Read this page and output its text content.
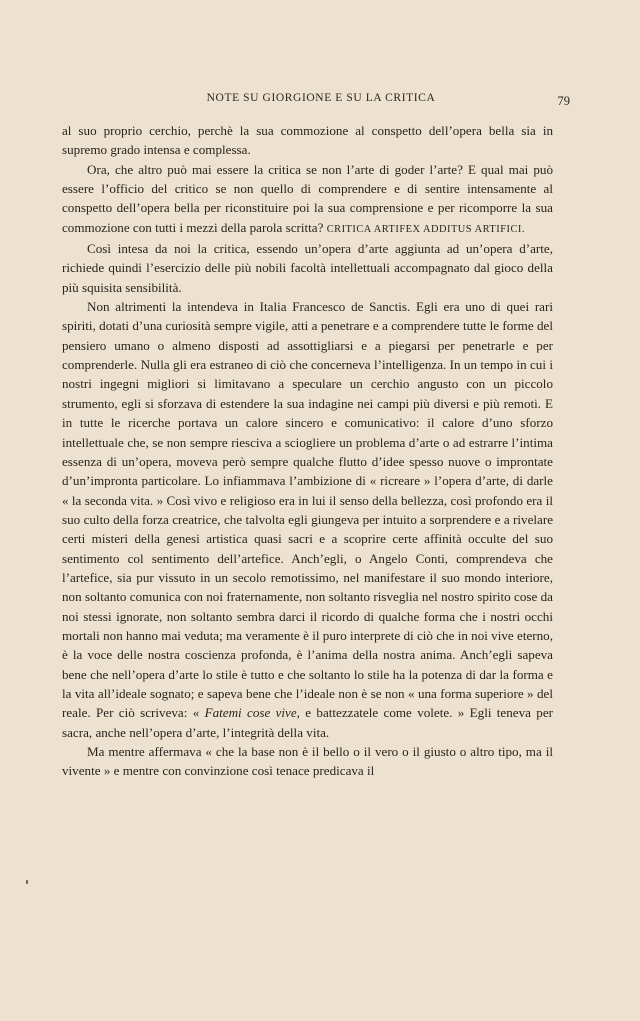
NOTE SU GIORGIONE E SU LA CRITICA	79

al suo proprio cerchio, perchè la sua commozione al conspetto dell’opera bella sia in supremo grado intensa e complessa.

Ora, che altro può mai essere la critica se non l’arte di goder l’arte? E qual mai può essere l’officio del critico se non quello di comprendere e di sentire intensamente al conspetto dell’opera bella per riconstituire poi la sua comprensione e per ricomporre la sua commozione con tutti i mezzi della parola scritta? CRITICA ARTIFEX ADDITUS ARTIFICI.

Così intesa da noi la critica, essendo un’opera d’arte aggiunta ad un’opera d’arte, richiede quindi l’esercizio delle più nobili facoltà intellettuali accompagnato dal gioco della più squisita sensibilità.

Non altrimenti la intendeva in Italia Francesco de Sanctis. Egli era uno di quei rari spiriti, dotati d’una curiosità sempre vigile, atti a penetrare e a comprendere tutte le forme del pensiero umano o almeno disposti ad assottigliarsi e a piegarsi per penetrarle e per comprenderle. Nulla gli era estraneo di ciò che concerneva l’intelligenza. In un tempo in cui i nostri ingegni migliori si limitavano a speculare un cerchio angusto con un piccolo strumento, egli si sforzava di estendere la sua indagine nei campi più diversi e più remoti. E in tutte le ricerche portava un calore sincero e comunicativo: il calore d’uno sforzo intellettuale che, se non sempre riesciva a sciogliere un problema d’arte o ad estrarre l’intima essenza di un’opera, moveva però sempre qualche flutto d’idee spesso nuove o improntate d’un’impronta particolare. Lo infiammava l’ambizione di « ricreare » l’opera d’arte, di darle « la seconda vita. » Così vivo e religioso era in lui il senso della bellezza, così profondo era il suo culto della forza creatrice, che talvolta egli giungeva per intuito a sorprendere e a rivelare certi misteri della genesi artistica quasi sacri e a scoprire certe affinità occulte del suo sentimento col sentimento dell’artefice. Anch’egli, o Angelo Conti, comprendeva che l’artefice, sia pur vissuto in un secolo remotissimo, nel manifestare il suo mondo interiore, non soltanto comunica con noi fraternamente, non soltanto risveglia nel nostro spirito cose da noi stessi ignorate, non soltanto sembra darci il ricordo di qualche forma che i nostri occhi mortali non hanno mai veduta; ma veramente è il puro interprete di ciò che in noi vive eterno, è la voce delle nostra coscienza profonda, è l’anima della nostra anima. Anch’egli sapeva bene che nell’opera d’arte lo stile è tutto e che soltanto lo stile ha la potenza di dar la forma e la vita all’ideale sognato; e sapeva bene che l’ideale non è se non « una forma superiore » del reale. Per ciò scriveva: « Fatemi cose vive, e battezzatele come volete. » Egli teneva per sacra, anche nell’opera d’arte, l’integrità della vita.

Ma mentre affermava « che la base non è il bello o il vero o il giusto o altro tipo, ma il vivente » e mentre con convinzione così tenace predicava il
